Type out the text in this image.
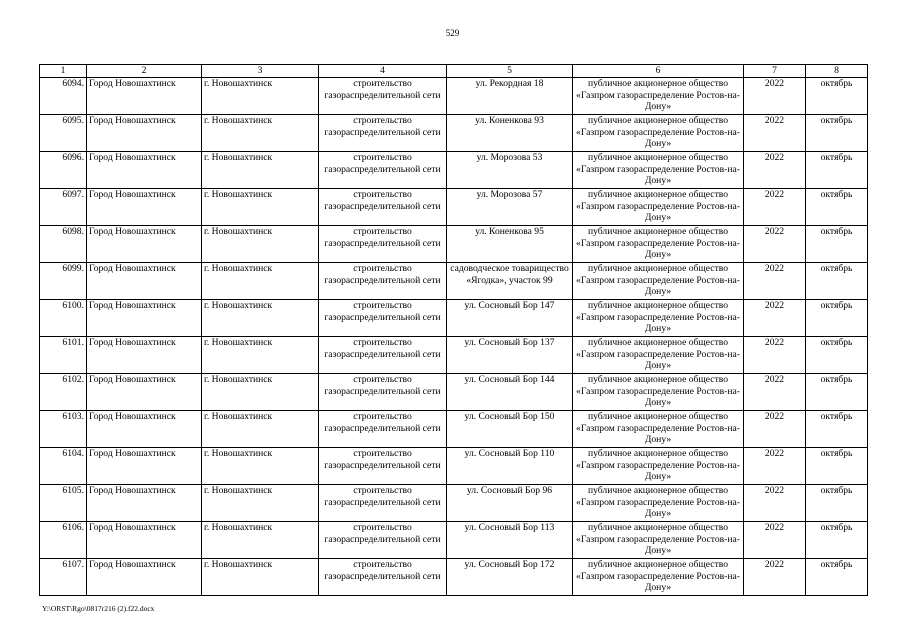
529
1	2	3	4	5	6	7	8
6094.	Город Новошахтинск	г. Новошахтинск	строительство газораспределительной сети	ул. Рекордная 18	публичное акционерное общество «Газпром газораспределение Ростов-на-Дону»	2022	октябрь
6095.	Город Новошахтинск	г. Новошахтинск	строительство газораспределительной сети	ул. Коненкова 93	публичное акционерное общество «Газпром газораспределение Ростов-на-Дону»	2022	октябрь
6096.	Город Новошахтинск	г. Новошахтинск	строительство газораспределительной сети	ул. Морозова 53	публичное акционерное общество «Газпром газораспределение Ростов-на-Дону»	2022	октябрь
6097.	Город Новошахтинск	г. Новошахтинск	строительство газораспределительной сети	ул. Морозова 57	публичное акционерное общество «Газпром газораспределение Ростов-на-Дону»	2022	октябрь
6098.	Город Новошахтинск	г. Новошахтинск	строительство газораспределительной сети	ул. Коненкова 95	публичное акционерное общество «Газпром газораспределение Ростов-на-Дону»	2022	октябрь
6099.	Город Новошахтинск	г. Новошахтинск	строительство газораспределительной сети	садоводческое товарищество «Ягодка», участок 99	публичное акционерное общество «Газпром газораспределение Ростов-на-Дону»	2022	октябрь
6100.	Город Новошахтинск	г. Новошахтинск	строительство газораспределительной сети	ул. Сосновый Бор 147	публичное акционерное общество «Газпром газораспределение Ростов-на-Дону»	2022	октябрь
6101.	Город Новошахтинск	г. Новошахтинск	строительство газораспределительной сети	ул. Сосновый Бор 137	публичное акционерное общество «Газпром газораспределение Ростов-на-Дону»	2022	октябрь
6102.	Город Новошахтинск	г. Новошахтинск	строительство газораспределительной сети	ул. Сосновый Бор 144	публичное акционерное общество «Газпром газораспределение Ростов-на-Дону»	2022	октябрь
6103.	Город Новошахтинск	г. Новошахтинск	строительство газораспределительной сети	ул. Сосновый Бор 150	публичное акционерное общество «Газпром газораспределение Ростов-на-Дону»	2022	октябрь
6104.	Город Новошахтинск	г. Новошахтинск	строительство газораспределительной сети	ул. Сосновый Бор 110	публичное акционерное общество «Газпром газораспределение Ростов-на-Дону»	2022	октябрь
6105.	Город Новошахтинск	г. Новошахтинск	строительство газораспределительной сети	ул. Сосновый Бор 96	публичное акционерное общество «Газпром газораспределение Ростов-на-Дону»	2022	октябрь
6106.	Город Новошахтинск	г. Новошахтинск	строительство газораспределительной сети	ул. Сосновый Бор 113	публичное акционерное общество «Газпром газораспределение Ростов-на-Дону»	2022	октябрь
6107.	Город Новошахтинск	г. Новошахтинск	строительство газораспределительной сети	ул. Сосновый Бор 172	публичное акционерное общество «Газпром газораспределение Ростов-на-Дону»	2022	октябрь
Y:\ORST\Rgo\0817r216 (2).f22.docx
